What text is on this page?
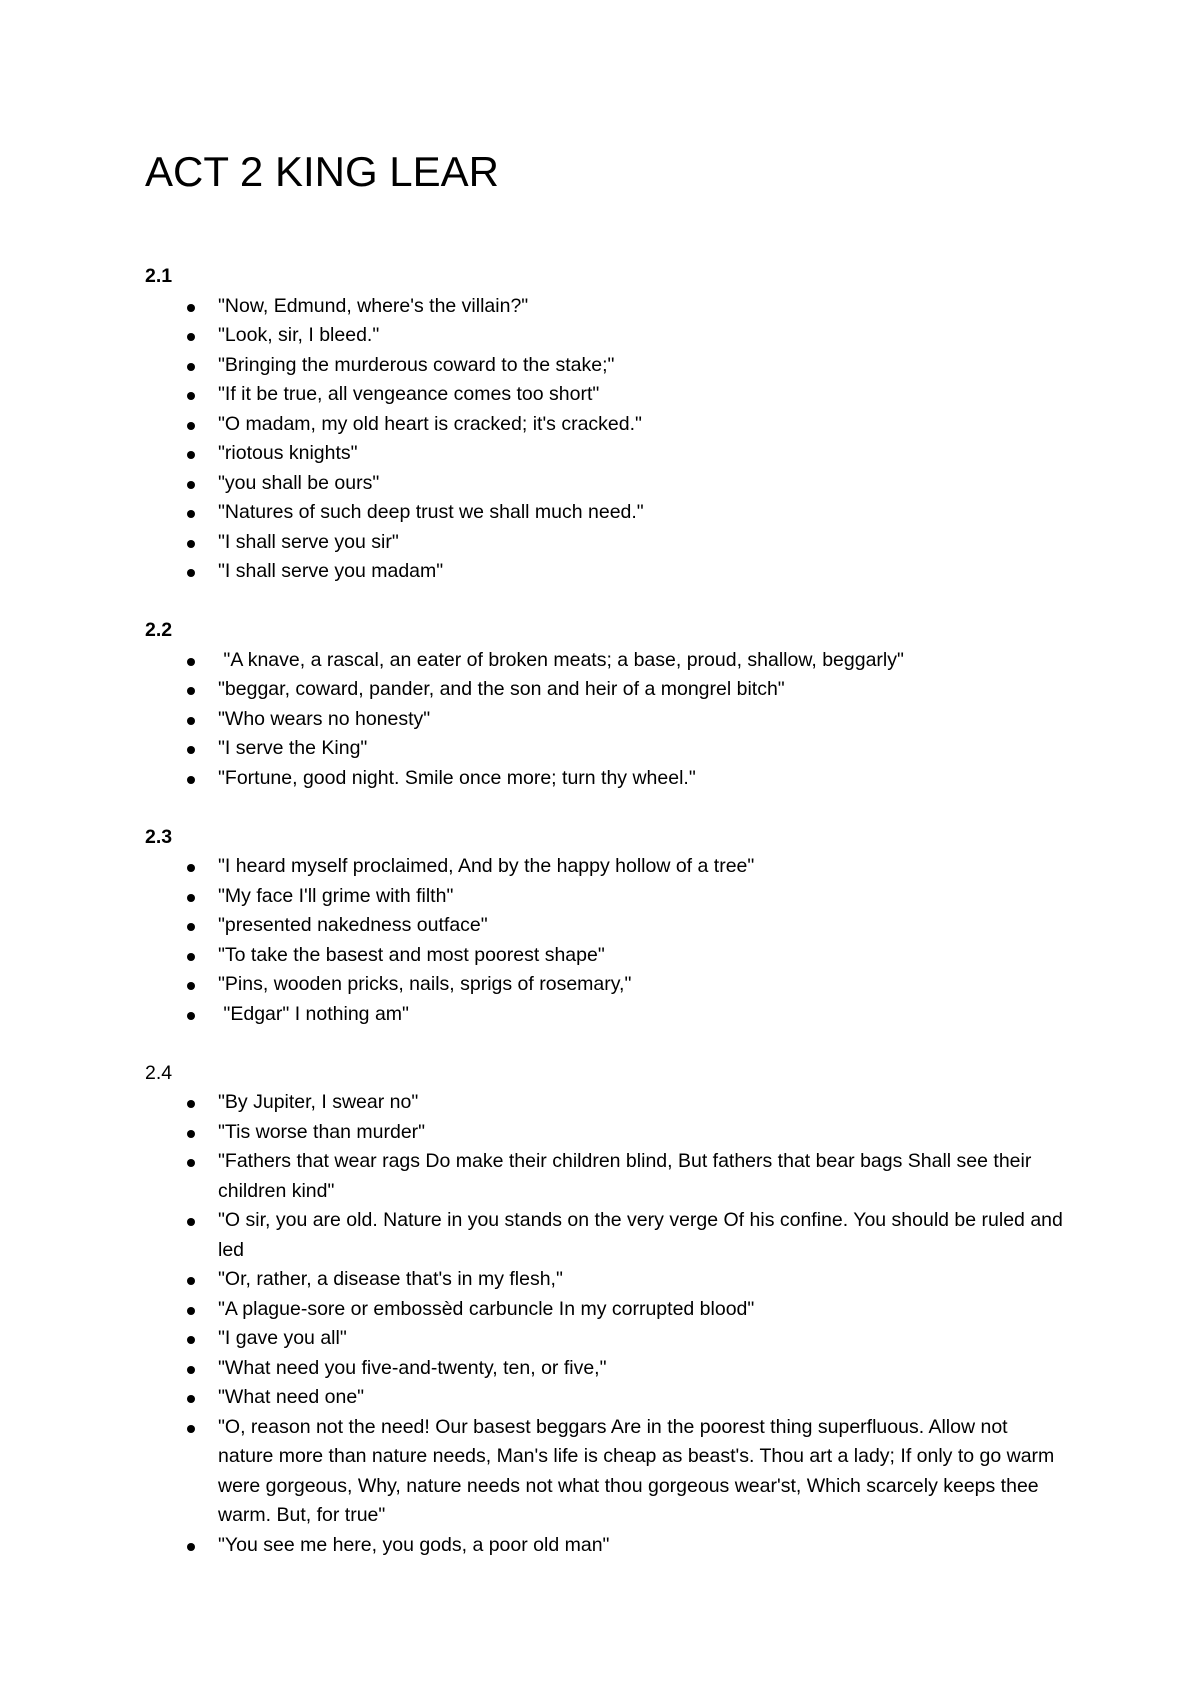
ACT 2 KING LEAR
2.1
"Now, Edmund, where's the villain?"
"Look, sir, I bleed."
"Bringing the murderous coward to the stake;"
"If it be true, all vengeance comes too short"
"O madam, my old heart is cracked; it's cracked."
"riotous knights"
"you shall be ours"
"Natures of such deep trust we shall much need."
"I shall serve you sir"
"I shall serve you madam"
2.2
"A knave, a rascal, an eater of broken meats; a base, proud, shallow, beggarly"
"beggar, coward, pander, and the son and heir of a mongrel bitch"
"Who wears no honesty"
"I serve the King"
"Fortune, good night. Smile once more; turn thy wheel."
2.3
"I heard myself proclaimed, And by the happy hollow of a tree"
"My face I'll grime with filth"
"presented nakedness outface"
"To take the basest and most poorest shape"
"Pins, wooden pricks, nails, sprigs of rosemary,"
"Edgar" I nothing am"
2.4
"By Jupiter, I swear no"
"Tis worse than murder"
"Fathers that wear rags Do make their children blind, But fathers that bear bags Shall see their children kind"
"O sir, you are old. Nature in you stands on the very verge Of his confine. You should be ruled and led
"Or, rather, a disease that's in my flesh,"
"A plague-sore or embossèd carbuncle In my corrupted blood"
"I gave you all"
"What need you five-and-twenty, ten, or five,"
"What need one"
"O, reason not the need! Our basest beggars Are in the poorest thing superfluous. Allow not nature more than nature needs, Man's life is cheap as beast's. Thou art a lady; If only to go warm were gorgeous, Why, nature needs not what thou gorgeous wear'st, Which scarcely keeps thee warm. But, for true"
"You see me here, you gods, a poor old man"
